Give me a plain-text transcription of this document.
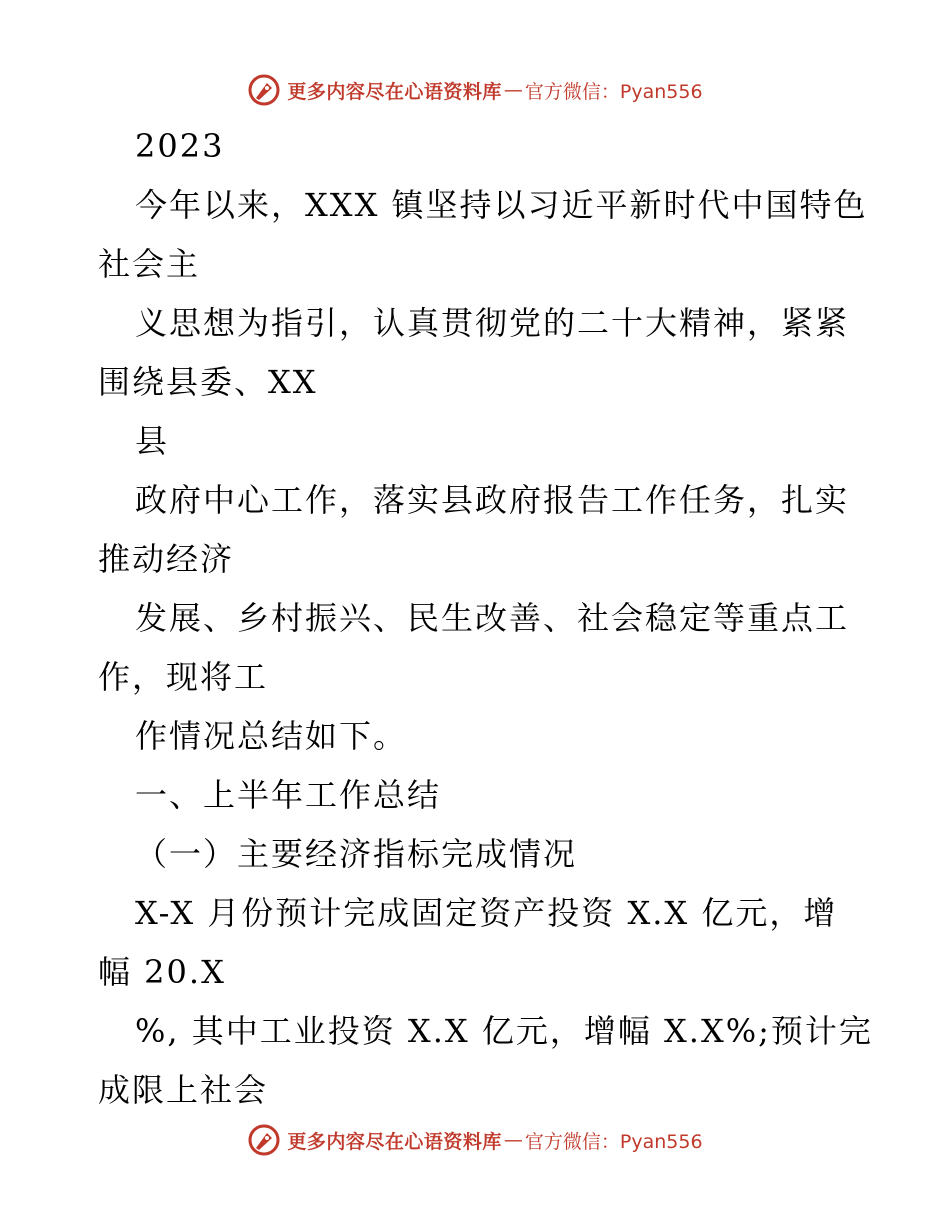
更多内容尽在心语资料库 — 官方微信：Pyan556
2023
今年以来，XXX 镇坚持以习近平新时代中国特色
社会主
义思想为指引，认真贯彻党的二十大精神，紧紧
围绕县委、XX
县
政府中心工作，落实县政府报告工作任务，扎实
推动经济
发展、乡村振兴、民生改善、社会稳定等重点工
作，现将工
作情况总结如下。
一、上半年工作总结
（一）主要经济指标完成情况
X-X 月份预计完成固定资产投资 X.X 亿元，增
幅 20.X
%, 其中工业投资 X.X 亿元，增幅 X.X%;预计完
成限上社会
更多内容尽在心语资料库 — 官方微信：Pyan556
